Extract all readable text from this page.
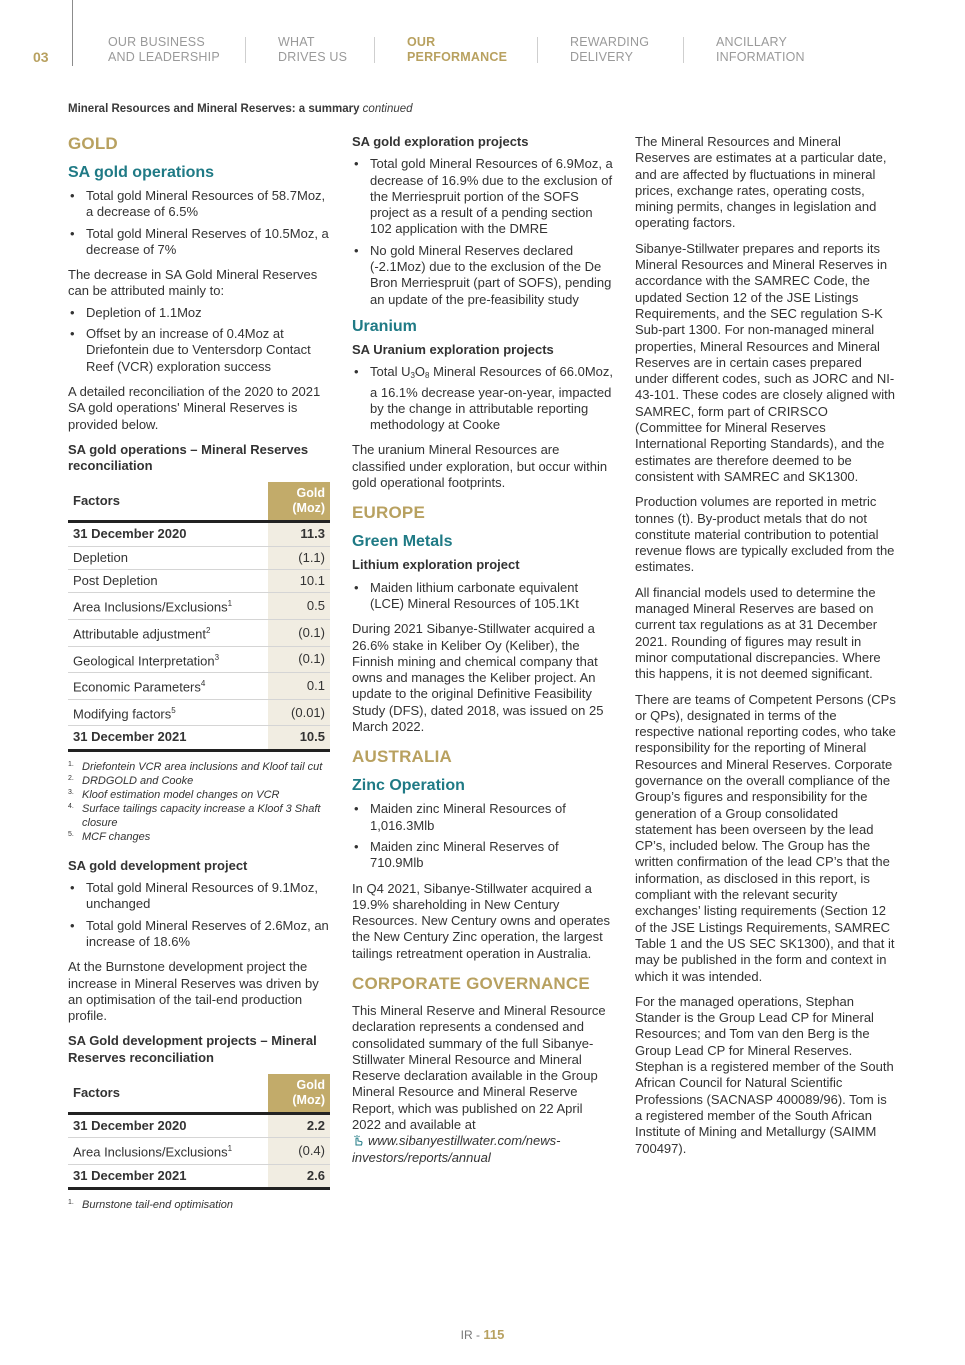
03
OUR BUSINESS
AND LEADERSHIP
WHAT
DRIVES US
OUR
PERFORMANCE
REWARDING
DELIVERY
ANCILLARY
INFORMATION
Mineral Resources and Mineral Reserves: a summary continued
GOLD
SA gold operations
• Total gold Mineral Resources of 58.7Moz, a decrease of 6.5%
• Total gold Mineral Reserves of 10.5Moz, a decrease of 7%
The decrease in SA Gold Mineral Reserves can be attributed mainly to:
• Depletion of 1.1Moz
• Offset by an increase of 0.4Moz at Driefontein due to Ventersdorp Contact Reef (VCR) exploration success
A detailed reconciliation of the 2020 to 2021 SA gold operations' Mineral Reserves is provided below.
SA gold operations – Mineral Reserves reconciliation
Factors	Gold
(Moz)

31 December 2020	11.3
Depletion	(1.1)
Post Depletion	10.1
Area Inclusions/Exclusions$^1$	0.5
Attributable adjustment$^2$	(0.1)
Geological Interpretation$^3$	(0.1)
Economic Parameters$^4$	0.1
Modifying factors$^5$	(0.01)
31 December 2021	10.5
1. Driefontein VCR area inclusions and Kloof tail cut
2. DRDGOLD and Cooke
3. Kloof estimation model changes on VCR
4. Surface tailings capacity increase a Kloof 3 Shaft closure
5. MCF changes
SA gold development project
• Total gold Mineral Resources of 9.1Moz, unchanged
• Total gold Mineral Reserves of 2.6Moz, an increase of 18.6%
At the Burnstone development project the increase in Mineral Reserves was driven by an optimisation of the tail-end production profile.
SA Gold development projects – Mineral Reserves reconciliation
Factors	Gold
(Moz)

31 December 2020	2.2
Area Inclusions/Exclusions$^1$	(0.4)
31 December 2021	2.6
1. Burnstone tail-end optimisation
SA gold exploration projects
• Total gold Mineral Resources of 6.9Moz, a decrease of 16.9% due to the exclusion of the Merriespruit portion of the SOFS project as a result of a pending section 102 application with the DMRE
• No gold Mineral Reserves declared (-2.1Moz) due to the exclusion of the De Bron Merriespruit (part of SOFS), pending an update of the pre-feasibility study
Uranium
SA Uranium exploration projects
• Total $U_3O_8$ Mineral Resources of 66.0Moz, a 16.1% decrease year-on-year, impacted by the change in attributable reporting methodology at Cooke
The uranium Mineral Resources are classified under exploration, but occur within gold operational footprints.
EUROPE
Green Metals
Lithium exploration project
• Maiden lithium carbonate equivalent (LCE) Mineral Resources of 105.1Kt
During 2021 Sibanye-Stillwater acquired a 26.6% stake in Keliber Oy (Keliber), the Finnish mining and chemical company that owns and manages the Keliber project. An update to the original Definitive Feasibility Study (DFS), dated 2018, was issued on 25 March 2022.
AUSTRALIA
Zinc Operation
• Maiden zinc Mineral Resources of 1,016.3Mlb
• Maiden zinc Mineral Reserves of 710.9Mlb
In Q4 2021, Sibanye-Stillwater acquired a 19.9% shareholding in New Century Resources. New Century owns and operates the New Century Zinc operation, the largest tailings retreatment operation in Australia.
CORPORATE GOVERNANCE
This Mineral Reserve and Mineral Resource declaration represents a condensed and consolidated summary of the full Sibanye-Stillwater Mineral Resource and Mineral Reserve declaration available in the Group Mineral Resource and Mineral Reserve Report, which was published on 22 April 2022 and available at
www.sibanyestillwater.com/news-investors/reports/annual
The Mineral Resources and Mineral Reserves are estimates at a particular date, and are affected by fluctuations in mineral prices, exchange rates, operating costs, mining permits, changes in legislation and operating factors.
Sibanye-Stillwater prepares and reports its Mineral Resources and Mineral Reserves in accordance with the SAMREC Code, the updated Section 12 of the JSE Listings Requirements, and the SEC regulation S-K Sub-part 1300. For non-managed mineral properties, Mineral Resources and Mineral Reserves are in certain cases prepared under different codes, such as JORC and NI-43-101. These codes are closely aligned with SAMREC, form part of CRIRSCO (Committee for Mineral Reserves International Reporting Standards), and the estimates are therefore deemed to be consistent with SAMREC and SK1300.
Production volumes are reported in metric tonnes (t). By-product metals that do not constitute material contribution to potential revenue flows are typically excluded from the estimates.
All financial models used to determine the managed Mineral Reserves are based on current tax regulations as at 31 December 2021. Rounding of figures may result in minor computational discrepancies. Where this happens, it is not deemed significant.
There are teams of Competent Persons (CPs or QPs), designated in terms of the respective national reporting codes, who take responsibility for the reporting of Mineral Resources and Mineral Reserves. Corporate governance on the overall compliance of the Group’s figures and responsibility for the generation of a Group consolidated statement has been overseen by the lead CP’s, included below. The Group has the written confirmation of the lead CP’s that the information, as disclosed in this report, is compliant with the relevant security exchanges’ listing requirements (Section 12 of the JSE Listings Requirements, SAMREC Table 1 and the US SEC SK1300), and that it may be published in the form and context in which it was intended.
For the managed operations, Stephan Stander is the Group Lead CP for Mineral Resources; and Tom van den Berg is the Group Lead CP for Mineral Reserves. Stephan is a registered member of the South African Council for Natural Scientific Professions (SACNASP 400089/96). Tom is a registered member of the South African Institute of Mining and Metallurgy (SAIMM 700497).
IR - 115
